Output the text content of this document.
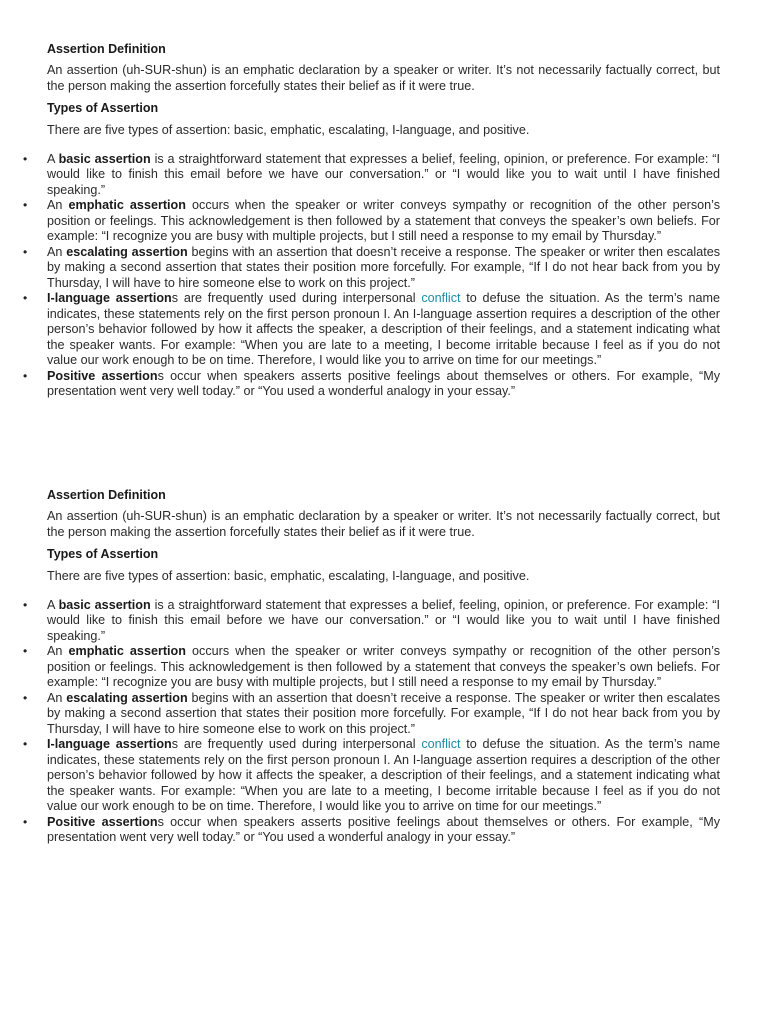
Assertion Definition

An assertion (uh-SUR-shun) is an emphatic declaration by a speaker or writer. It’s not necessarily factually correct, but the person making the assertion forcefully states their belief as if it were true.

Types of Assertion

There are five types of assertion: basic, emphatic, escalating, I-language, and positive.

•	A basic assertion is a straightforward statement that expresses a belief, feeling, opinion, or preference. For example: “I would like to finish this email before we have our conversation.” or “I would like you to wait until I have finished speaking.”
•	An emphatic assertion occurs when the speaker or writer conveys sympathy or recognition of the other person’s position or feelings. This acknowledgement is then followed by a statement that conveys the speaker’s own beliefs. For example: “I recognize you are busy with multiple projects, but I still need a response to my email by Thursday.”
•	An escalating assertion begins with an assertion that doesn’t receive a response. The speaker or writer then escalates by making a second assertion that states their position more forcefully. For example, “If I do not hear back from you by Thursday, I will have to hire someone else to work on this project.”
•	I-language assertions are frequently used during interpersonal conflict to defuse the situation. As the term’s name indicates, these statements rely on the first person pronoun I. An I-language assertion requires a description of the other person’s behavior followed by how it affects the speaker, a description of their feelings, and a statement indicating what the speaker wants. For example: “When you are late to a meeting, I become irritable because I feel as if you do not value our work enough to be on time. Therefore, I would like you to arrive on time for our meetings.”
•	Positive assertions occur when speakers asserts positive feelings about themselves or others. For example, “My presentation went very well today.” or “You used a wonderful analogy in your essay.”

Assertion Definition

An assertion (uh-SUR-shun) is an emphatic declaration by a speaker or writer. It’s not necessarily factually correct, but the person making the assertion forcefully states their belief as if it were true.

Types of Assertion

There are five types of assertion: basic, emphatic, escalating, I-language, and positive.

•	A basic assertion is a straightforward statement that expresses a belief, feeling, opinion, or preference. For example: “I would like to finish this email before we have our conversation.” or “I would like you to wait until I have finished speaking.”
•	An emphatic assertion occurs when the speaker or writer conveys sympathy or recognition of the other person’s position or feelings. This acknowledgement is then followed by a statement that conveys the speaker’s own beliefs. For example: “I recognize you are busy with multiple projects, but I still need a response to my email by Thursday.”
•	An escalating assertion begins with an assertion that doesn’t receive a response. The speaker or writer then escalates by making a second assertion that states their position more forcefully. For example, “If I do not hear back from you by Thursday, I will have to hire someone else to work on this project.”
•	I-language assertions are frequently used during interpersonal conflict to defuse the situation. As the term’s name indicates, these statements rely on the first person pronoun I. An I-language assertion requires a description of the other person’s behavior followed by how it affects the speaker, a description of their feelings, and a statement indicating what the speaker wants. For example: “When you are late to a meeting, I become irritable because I feel as if you do not value our work enough to be on time. Therefore, I would like you to arrive on time for our meetings.”
•	Positive assertions occur when speakers asserts positive feelings about themselves or others. For example, “My presentation went very well today.” or “You used a wonderful analogy in your essay.”
